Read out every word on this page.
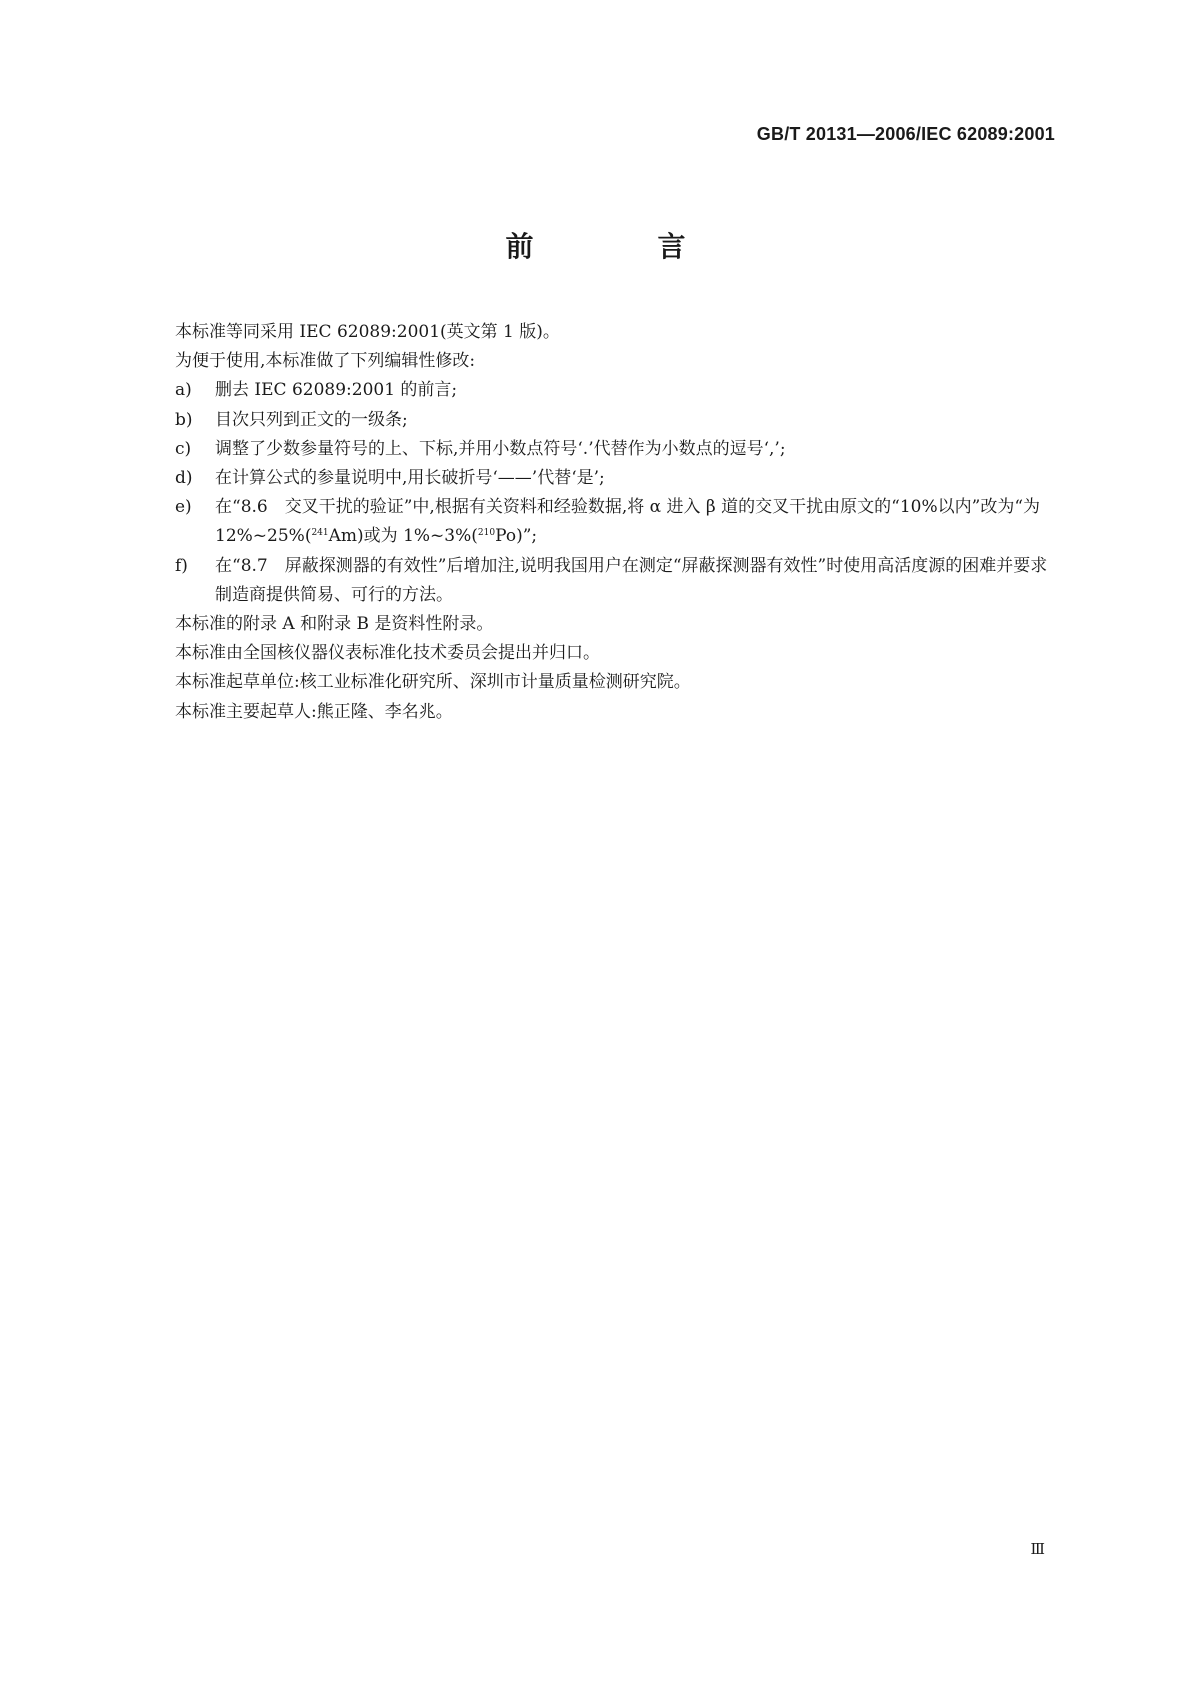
GB/T 20131—2006/IEC 62089:2001
前　言

本标准等同采用 IEC 62089:2001(英文第 1 版)。

为便于使用,本标准做了下列编辑性修改:

a)	删去 IEC 62089:2001 的前言;
b)	目次只列到正文的一级条;
c)	调整了少数参量符号的上、下标,并用小数点符号‘.’代替作为小数点的逗号‘,’;
d)	在计算公式的参量说明中,用长破折号‘——’代替‘是’;
e)	在“8.6　交叉干扰的验证”中,根据有关资料和经验数据,将 α 进入 β 道的交叉干扰由原文的“10%以内”改为“为 12%~25%($^{241}$Am)或为 1%~3%($^{210}$Po)”;
f)	在“8.7　屏蔽探测器的有效性”后增加注,说明我国用户在测定“屏蔽探测器有效性”时使用高活度源的困难并要求制造商提供简易、可行的方法。

本标准的附录 A 和附录 B 是资料性附录。

本标准由全国核仪器仪表标准化技术委员会提出并归口。

本标准起草单位:核工业标准化研究所、深圳市计量质量检测研究院。

本标准主要起草人:熊正隆、李名兆。

Ⅲ
